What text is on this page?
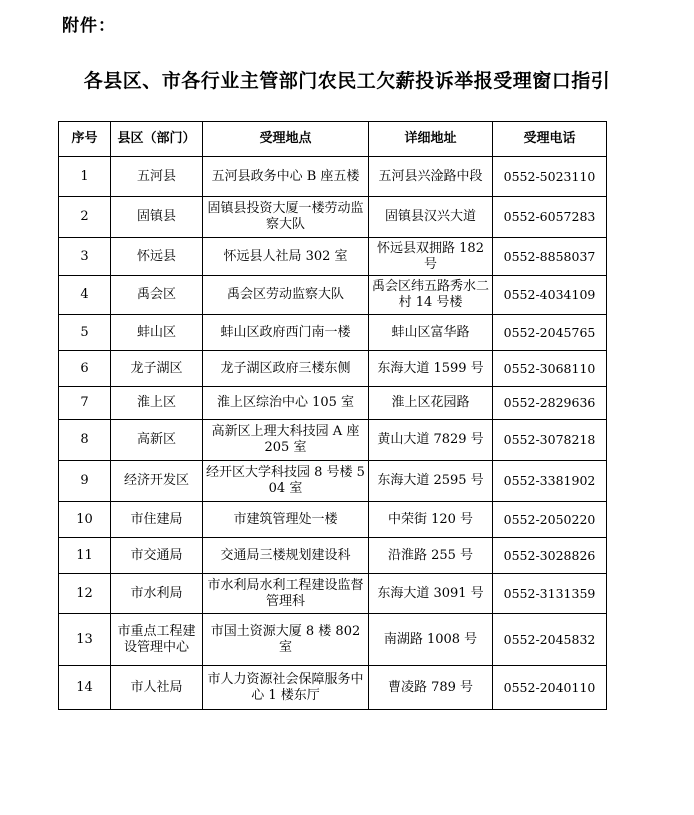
附件：
各县区、市各行业主管部门农民工欠薪投诉举报受理窗口指引
序号	县区（部门）	受理地点	详细地址	受理电话
1	五河县	五河县政务中心 B 座五楼	五河县兴淦路中段	0552-5023110
2	固镇县	固镇县投资大厦一楼劳动监察大队	固镇县汉兴大道	0552-6057283
3	怀远县	怀远县人社局 302 室	怀远县双拥路 182 号	0552-8858037
4	禹会区	禹会区劳动监察大队	禹会区纬五路秀水二村 14 号楼	0552-4034109
5	蚌山区	蚌山区政府西门南一楼	蚌山区富华路	0552-2045765
6	龙子湖区	龙子湖区政府三楼东侧	东海大道 1599 号	0552-3068110
7	淮上区	淮上区综治中心 105 室	淮上区花园路	0552-2829636
8	高新区	高新区上理大科技园 A 座 205 室	黄山大道 7829 号	0552-3078218
9	经济开发区	经开区大学科技园 8 号楼 504 室	东海大道 2595 号	0552-3381902
10	市住建局	市建筑管理处一楼	中荣街 120 号	0552-2050220
11	市交通局	交通局三楼规划建设科	沿淮路 255 号	0552-3028826
12	市水利局	市水利局水利工程建设监督管理科	东海大道 3091 号	0552-3131359
13	市重点工程建设管理中心	市国土资源大厦 8 楼 802 室	南湖路 1008 号	0552-2045832
14	市人社局	市人力资源社会保障服务中心 1 楼东厅	曹凌路 789 号	0552-2040110
